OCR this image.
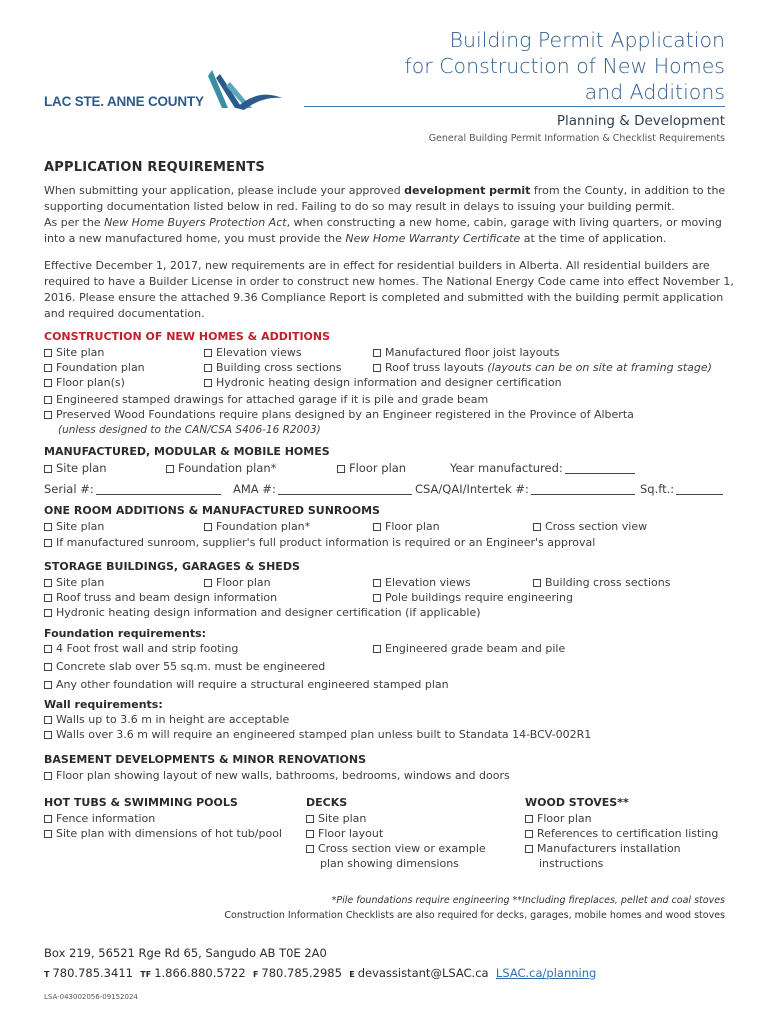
LAC STE. ANNE COUNTY
Building Permit Application
for Construction of New Homes
and Additions
Planning & Development
General Building Permit Information & Checklist Requirements
APPLICATION REQUIREMENTS
When submitting your application, please include your approved development permit from the County, in addition to the supporting documentation listed below in red. Failing to do so may result in delays to issuing your building permit.
As per the New Home Buyers Protection Act, when constructing a new home, cabin, garage with living quarters, or moving into a new manufactured home, you must provide the New Home Warranty Certificate at the time of application.
Effective December 1, 2017, new requirements are in effect for residential builders in Alberta. All residential builders are required to have a Builder License in order to construct new homes. The National Energy Code came into effect November 1, 2016. Please ensure the attached 9.36 Compliance Report is completed and submitted with the building permit application and required documentation.
CONSTRUCTION OF NEW HOMES & ADDITIONS
Site plan	Elevation views	Manufactured floor joist layouts
Foundation plan	Building cross sections	Roof truss layouts (layouts can be on site at framing stage)
Floor plan(s)	Hydronic heating design information and designer certification
Engineered stamped drawings for attached garage if it is pile and grade beam
Preserved Wood Foundations require plans designed by an Engineer registered in the Province of Alberta
(unless designed to the CAN/CSA S406-16 R2003)
MANUFACTURED, MODULAR & MOBILE HOMES
Site plan	Foundation plan*	Floor plan	Year manufactured:
Serial #:	AMA #:	CSA/QAI/Intertek #:	Sq.ft.:
ONE ROOM ADDITIONS & MANUFACTURED SUNROOMS
Site plan	Foundation plan*	Floor plan	Cross section view
If manufactured sunroom, supplier's full product information is required or an Engineer's approval
STORAGE BUILDINGS, GARAGES & SHEDS
Site plan	Floor plan	Elevation views	Building cross sections
Roof truss and beam design information	Pole buildings require engineering
Hydronic heating design information and designer certification (if applicable)
Foundation requirements:
4 Foot frost wall and strip footing	Engineered grade beam and pile
Concrete slab over 55 sq.m. must be engineered
Any other foundation will require a structural engineered stamped plan
Wall requirements:
Walls up to 3.6 m in height are acceptable
Walls over 3.6 m will require an engineered stamped plan unless built to Standata 14-BCV-002R1
BASEMENT DEVELOPMENTS & MINOR RENOVATIONS
Floor plan showing layout of new walls, bathrooms, bedrooms, windows and doors
HOT TUBS & SWIMMING POOLS
Fence information
Site plan with dimensions of hot tub/pool
DECKS
Site plan
Floor layout
Cross section view or example
plan showing dimensions
WOOD STOVES**
Floor plan
References to certification listing
Manufacturers installation
instructions
*Pile foundations require engineering **Including fireplaces, pellet and coal stoves
Construction Information Checklists are also required for decks, garages, mobile homes and wood stoves
Box 219, 56521 Rge Rd 65, Sangudo AB T0E 2A0
T 780.785.3411 TF 1.866.880.5722 F 780.785.2985 E devassistant@LSAC.ca LSAC.ca/planning
LSA-043002056-09152024
